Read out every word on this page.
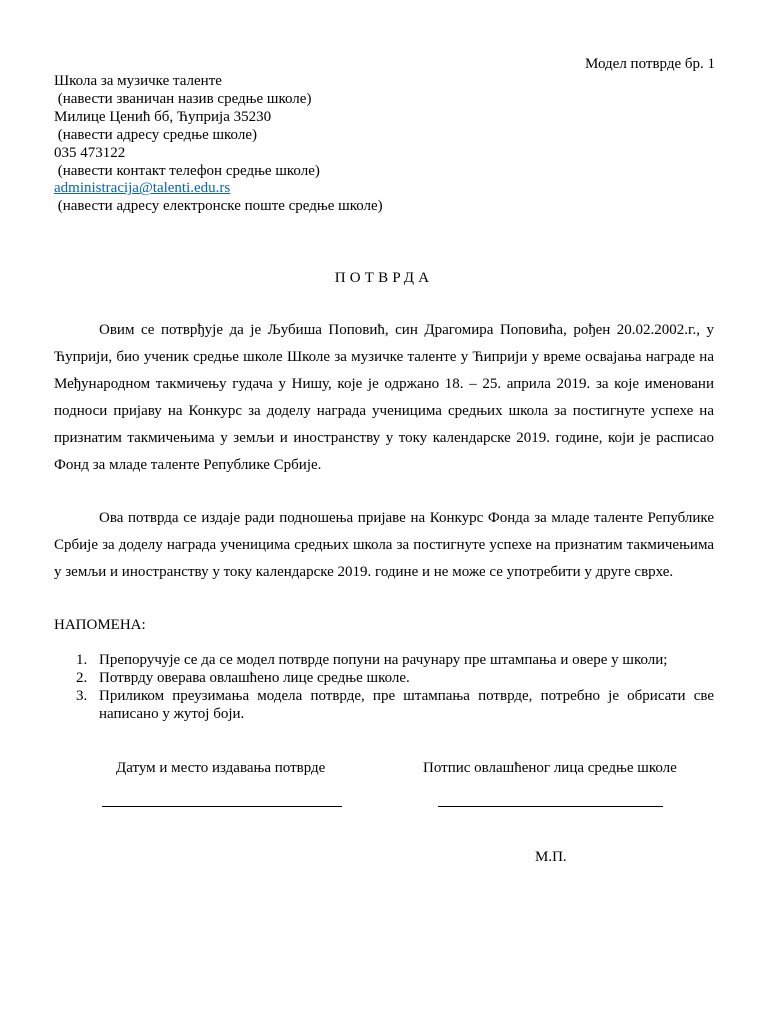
Модел потврде бр. 1
Школа за музичке таленте
(навести званичан назив средње школе)
Милице Ценић бб, Ћуприја 35230
(навести адресу средње школе)
035 473122
(навести контакт телефон средње школе)
administracija@talenti.edu.rs
(навести адресу електронске поште средње школе)
ПОТВРДА

Овим се потврђује да је Љубиша Поповић, син Драгомира Поповића, рођен 20.02.2002.г., у Ћуприји, био ученик средње школе Школе за музичке таленте у Ћиприји у време освајања награде на Међународном такмичењу гудача у Нишу, које је одржано 18. – 25. априла 2019. за које именовани подноси пријаву на Конкурс за доделу награда ученицима средњих школа за постигнуте успехе на признатим такмичењима у земљи и иностранству у току календарске 2019. године, који је расписао Фонд за младе таленте Републике Србије.

Ова потврда се издаје ради подношења пријаве на Конкурс Фонда за младе таленте Републике Србије за доделу награда ученицима средњих школа за постигнуте успехе на признатим такмичењима у земљи и иностранству у току календарске 2019. године и не може се употребити у друге сврхе.

НАПОМЕНА:
1. Препоручује се да се модел потврде попуни на рачунару пре штампања и овере у школи;
2. Потврду оверава овлашћено лице средње школе.
3. Приликом преузимања модела потврде, пре штампања потврде, потребно је обрисати све написано у жутој боји.
Датум и место издавања потврде	Потпис овлашћеног лица средње школе
М.П.
